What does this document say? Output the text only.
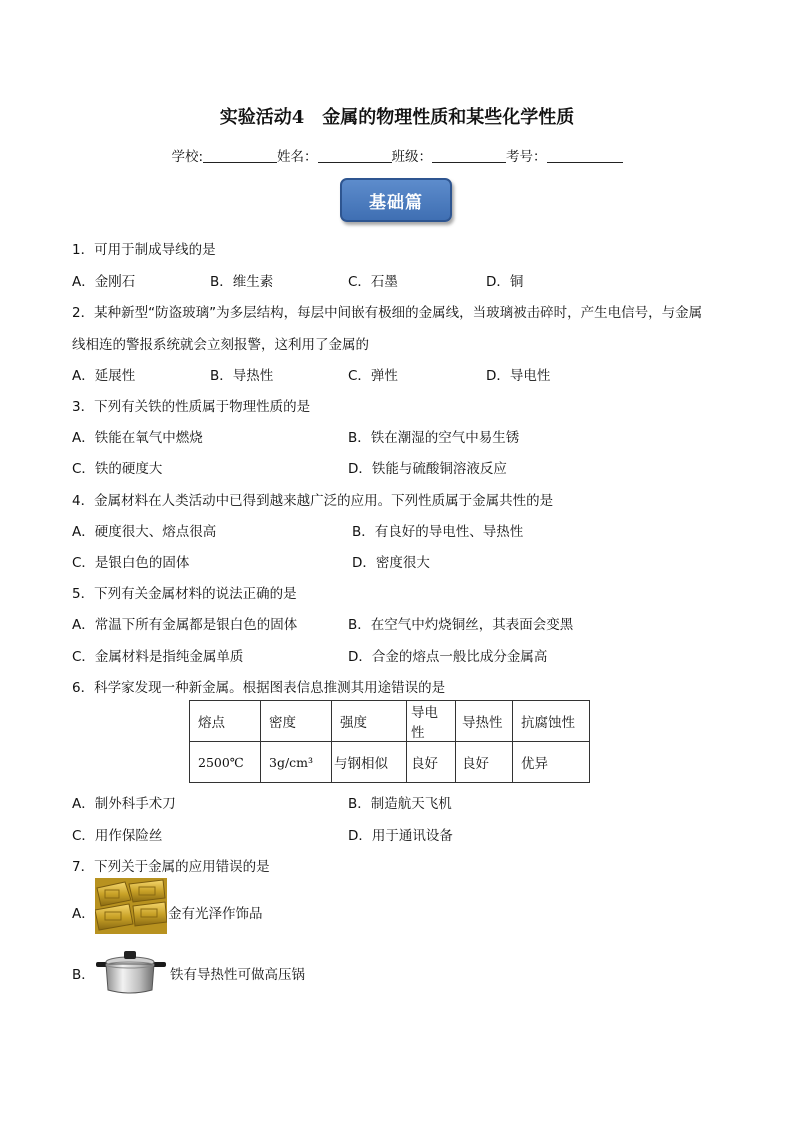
实验活动4　金属的物理性质和某些化学性质
学校:	姓名：	班级：	考号：
基础篇
1．可用于制成导线的是
A．金刚石	B．维生素	C．石墨	D．铜
2．某种新型“防盗玻璃”为多层结构，每层中间嵌有极细的金属线，当玻璃被击碎时，产生电信号，与金属
线相连的警报系统就会立刻报警，这利用了金属的
A．延展性	B．导热性	C．弹性	D．导电性
3．下列有关铁的性质属于物理性质的是
A．铁能在氧气中燃烧	B．铁在潮湿的空气中易生锈
C．铁的硬度大	D．铁能与硫酸铜溶液反应
4．金属材料在人类活动中已得到越来越广泛的应用。下列性质属于金属共性的是
A．硬度很大、熔点很高	B．有良好的导电性、导热性
C．是银白色的固体	D．密度很大
5．下列有关金属材料的说法正确的是
A．常温下所有金属都是银白色的固体	B．在空气中灼烧铜丝，其表面会变黑
C．金属材料是指纯金属单质	D．合金的熔点一般比成分金属高
6．科学家发现一种新金属。根据图表信息推测其用途错误的是
熔点	密度	强度	导电性	导热性	抗腐蚀性
2500℃	3g/cm³	与钢相似	良好	良好	优异
A．制外科手术刀	B．制造航天飞机
C．用作保险丝	D．用于通讯设备
7．下列关于金属的应用错误的是
A．	金有光泽作饰品
B．	铁有导热性可做高压锅
